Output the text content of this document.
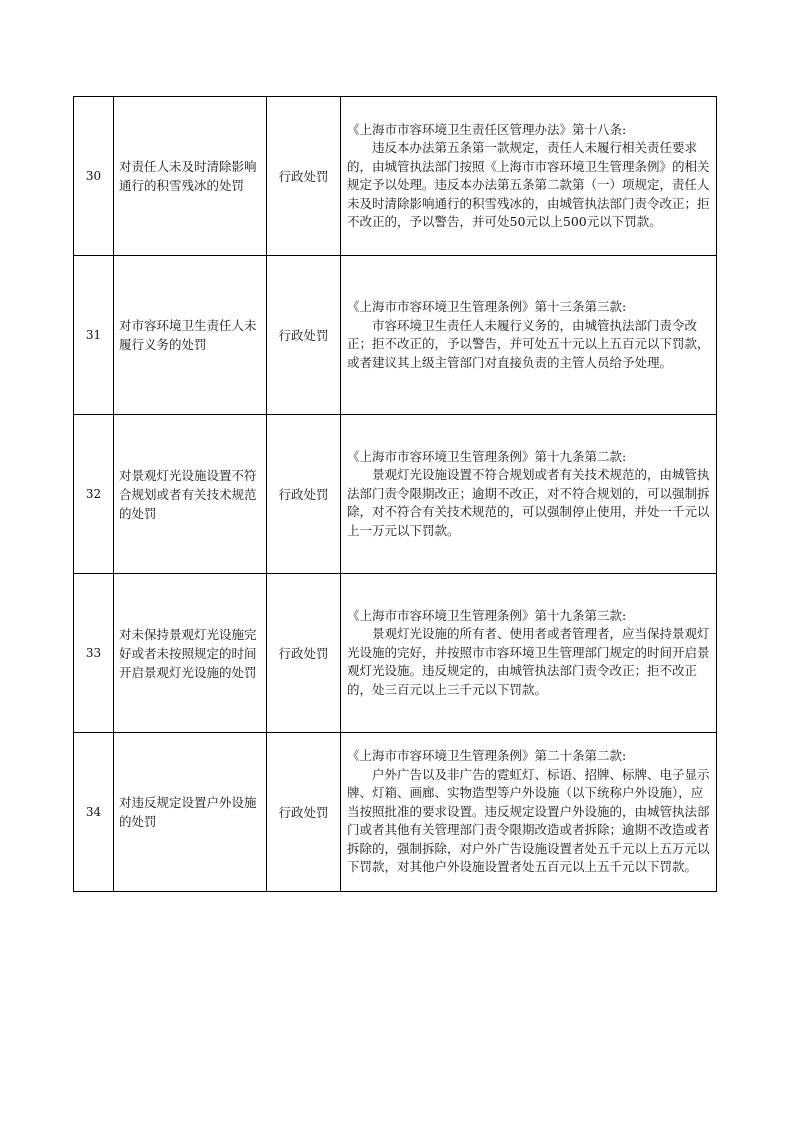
30	对责任人未及时清除影响通行的积雪残冰的处罚	行政处罚	《上海市市容环境卫生责任区管理办法》第十八条:
违反本办法第五条第一款规定，责任人未履行相关责任要求的，由城管执法部门按照《上海市市容环境卫生管理条例》的相关规定予以处理。违反本办法第五条第二款第（一）项规定，责任人未及时清除影响通行的积雪残冰的，由城管执法部门责令改正；拒不改正的，予以警告，并可处50元以上500元以下罚款。

31	对市容环境卫生责任人未履行义务的处罚	行政处罚	《上海市市容环境卫生管理条例》第十三条第三款:
市容环境卫生责任人未履行义务的，由城管执法部门责令改正；拒不改正的，予以警告，并可处五十元以上五百元以下罚款，或者建议其上级主管部门对直接负责的主管人员给予处理。

32	对景观灯光设施设置不符合规划或者有关技术规范的处罚	行政处罚	《上海市市容环境卫生管理条例》第十九条第二款:
景观灯光设施设置不符合规划或者有关技术规范的，由城管执法部门责令限期改正；逾期不改正，对不符合规划的，可以强制拆除，对不符合有关技术规范的，可以强制停止使用，并处一千元以上一万元以下罚款。

33	对未保持景观灯光设施完好或者未按照规定的时间开启景观灯光设施的处罚	行政处罚	《上海市市容环境卫生管理条例》第十九条第三款:
景观灯光设施的所有者、使用者或者管理者，应当保持景观灯光设施的完好，并按照市市容环境卫生管理部门规定的时间开启景观灯光设施。违反规定的，由城管执法部门责令改正；拒不改正的，处三百元以上三千元以下罚款。

34	对违反规定设置户外设施的处罚	行政处罚	《上海市市容环境卫生管理条例》第二十条第二款:
户外广告以及非广告的霓虹灯、标语、招牌、标牌、电子显示牌、灯箱、画廊、实物造型等户外设施（以下统称户外设施），应当按照批准的要求设置。违反规定设置户外设施的，由城管执法部门或者其他有关管理部门责令限期改造或者拆除；逾期不改造或者拆除的，强制拆除，对户外广告设施设置者处五千元以上五万元以下罚款，对其他户外设施设置者处五百元以上五千元以下罚款。
